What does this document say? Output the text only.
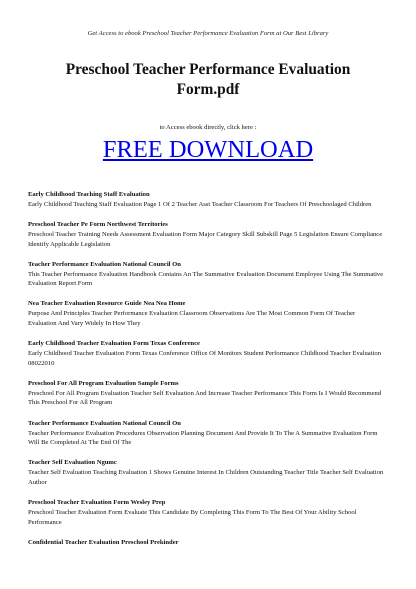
Get Access to ebook Preschool Teacher Performance Evaluation Form at Our Best Library
Preschool Teacher Performance Evaluation Form.pdf
to Access ebook directly, click here :
FREE DOWNLOAD
Early Childhood Teaching Staff Evaluation

Early Childhood Teaching Staff Evaluation Page 1 Of 2 Teacher Asst Teacher Classroom For Teachers Of Preschoolaged Children

Preschool Teacher Pe Form Northwest Territories

Preschool Teacher Training Needs Assessment Evaluation Form Major Category Skill Subskill Page 5 Legislation Ensure Compliance Identify Applicable Legislation

Teacher Performance Evaluation National Council On

This Teacher Performance Evaluation Handbook Contains An The Summative Evaluation Document Employee Using The Summative Evaluation Report Form

Nea Teacher Evaluation Resource Guide Nea Nea Home

Purpose And Principles Teacher Performance Evaluation Classroom Observations Are The Most Common Form Of Teacher Evaluation And Vary Widely In How They

Early Childhood Teacher Evaluation Form Texas Conference

Early Childhood Teacher Evaluation Form Texas Conference Office Of Monitors Student Performance Childhood Teacher Evaluation 08022010

Preschool For All Program Evaluation Sample Forms

Preschool For All Program Evaluation Teacher Self Evaluation And Increase Teacher Performance This Form Is I Would Recommend This Preschool For All Program

Teacher Performance Evaluation National Council On

Teacher Performance Evaluation Procedures Observation Planning Document And Provide It To The A Summative Evaluation Form Will Be Completed At The End Of The

Teacher Self Evaluation Ngumc

Teacher Self Evaluation Teaching Evaluation 1 Shows Genuine Interest In Children Outstanding Teacher Title Teacher Self Evaluation Author

Preschool Teacher Evaluation Form Wesley Prep

Preschool Teacher Evaluation Form Evaluate This Candidate By Completing This Form To The Best Of Your Ability School Performance

Confidential Teacher Evaluation Preschool Prekinder
